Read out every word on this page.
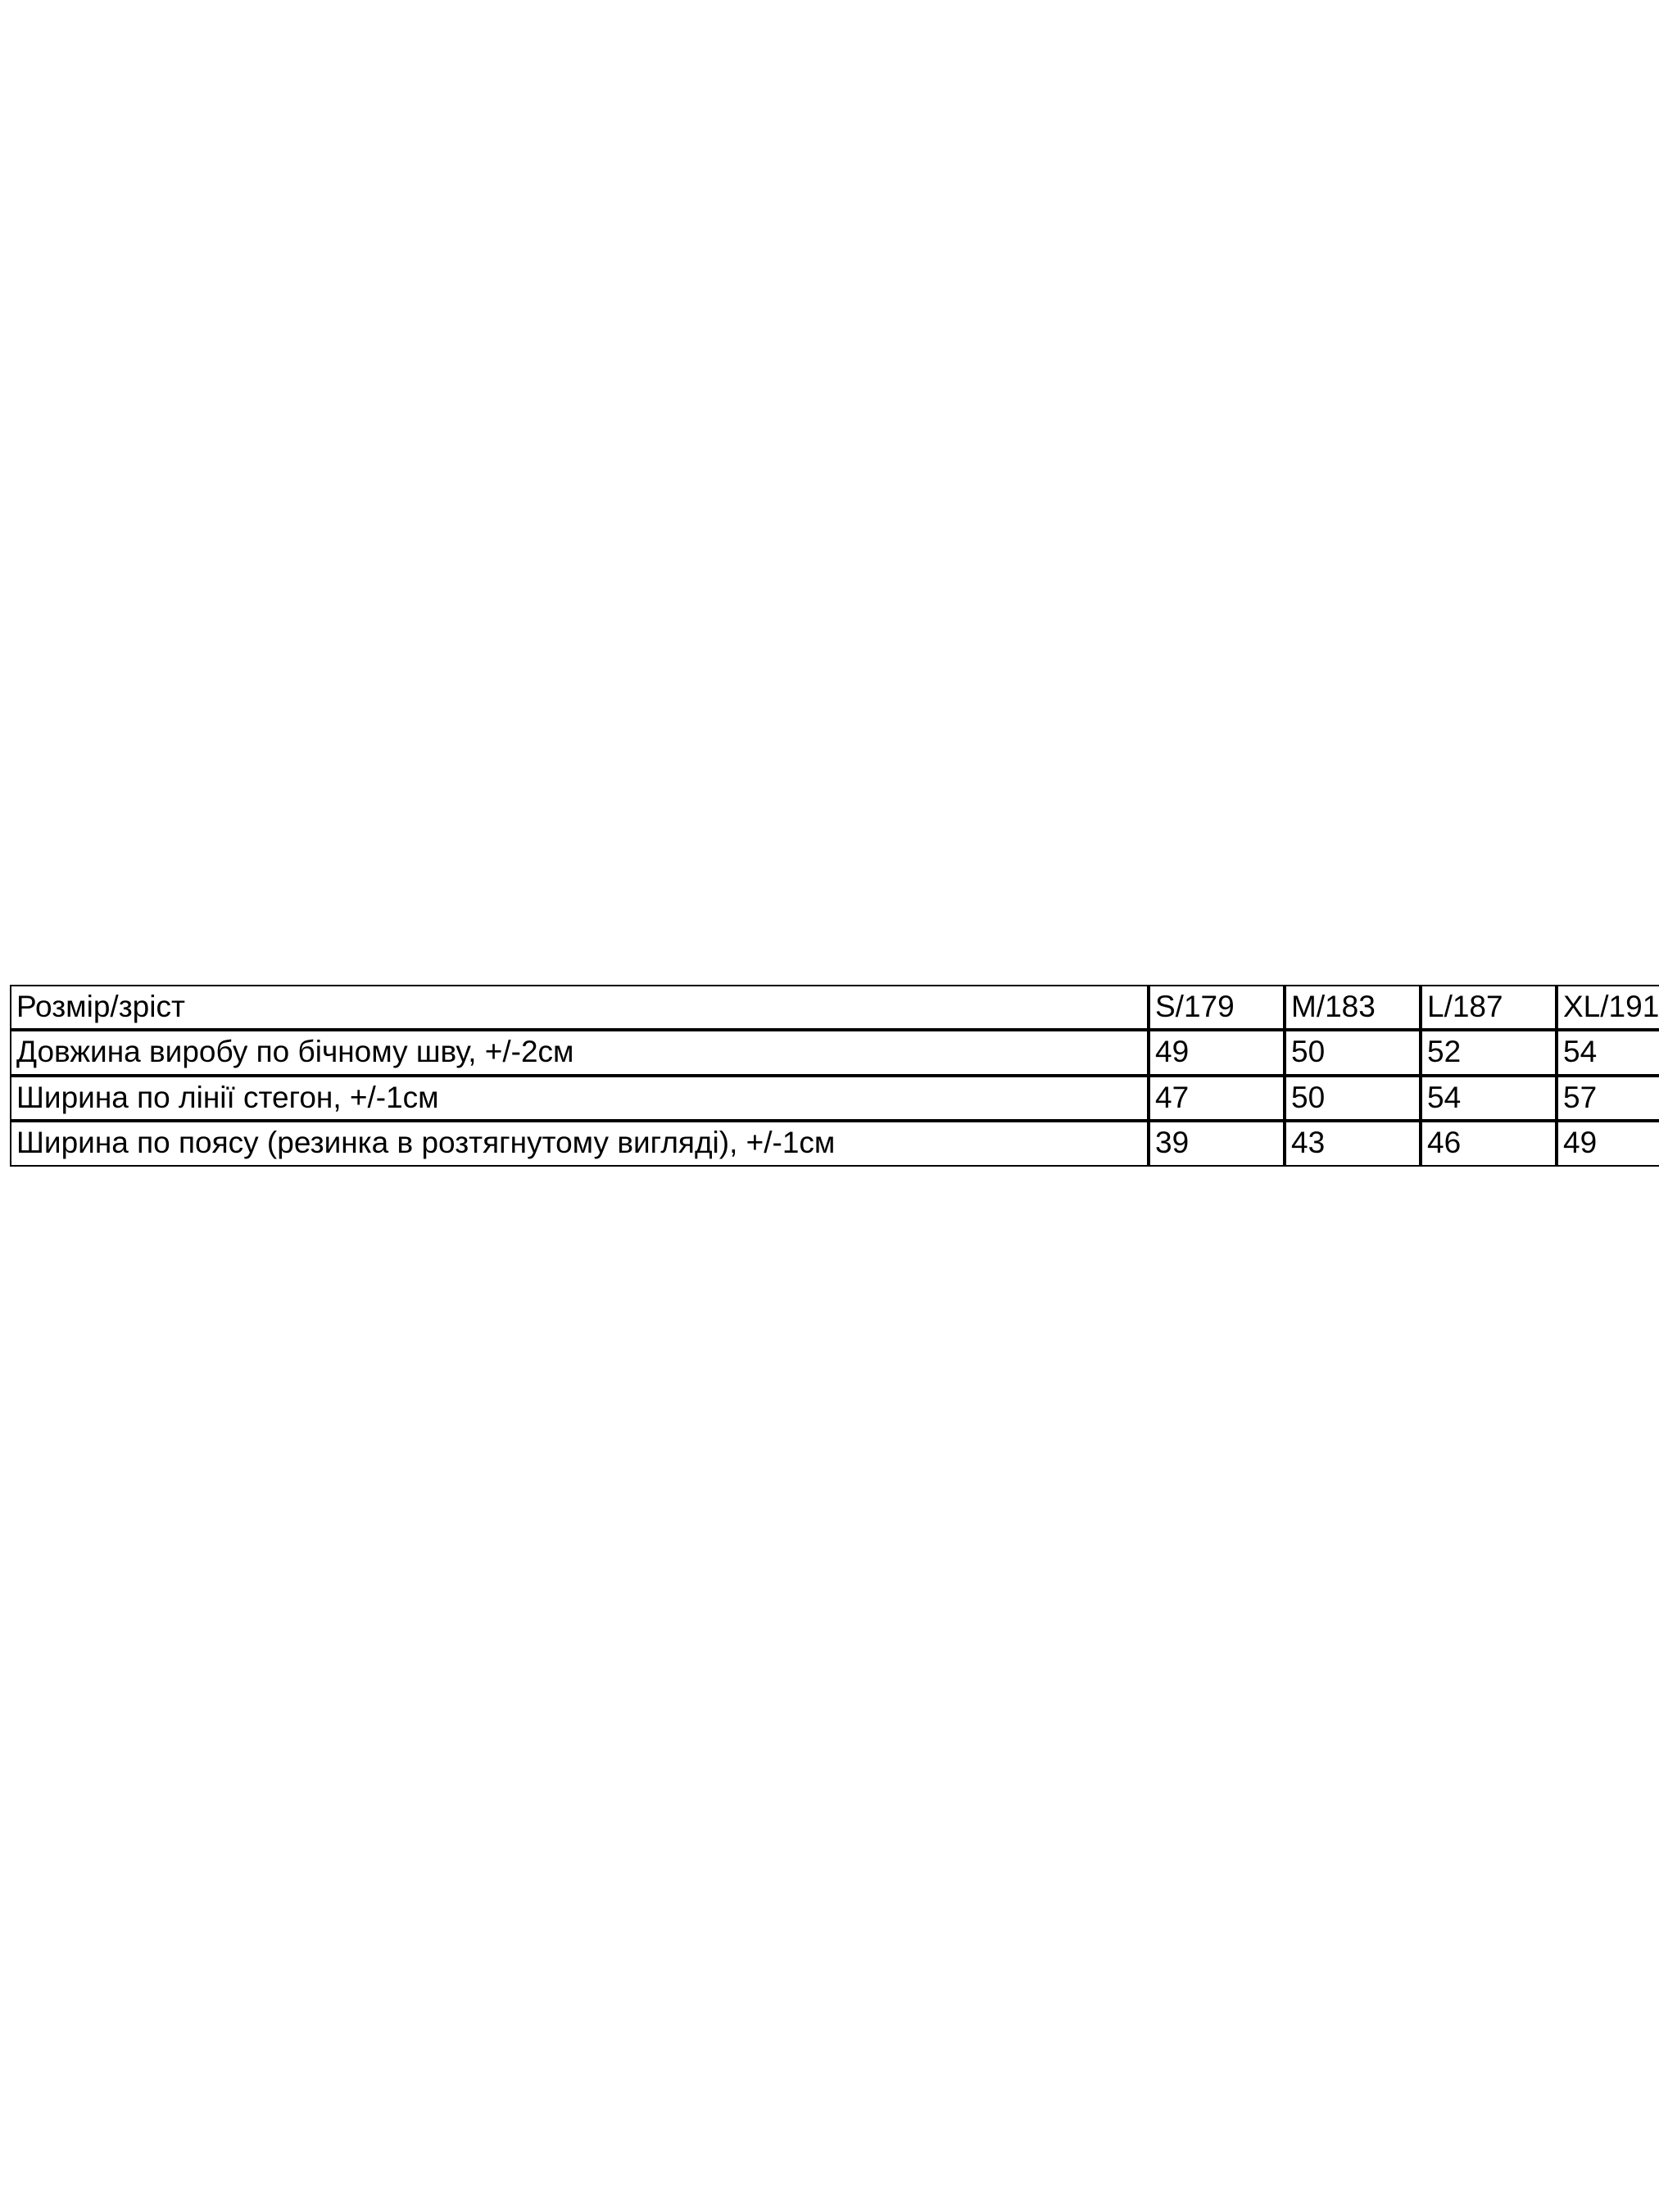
Розмір/зріст	S/179	M/183	L/187	XL/191
Довжина виробу по бічному шву, +/-2см	49	50	52	54
Ширина по лінії стегон, +/-1см	47	50	54	57
Ширина по поясу (резинка в розтягнутому вигляді), +/-1см	39	43	46	49
